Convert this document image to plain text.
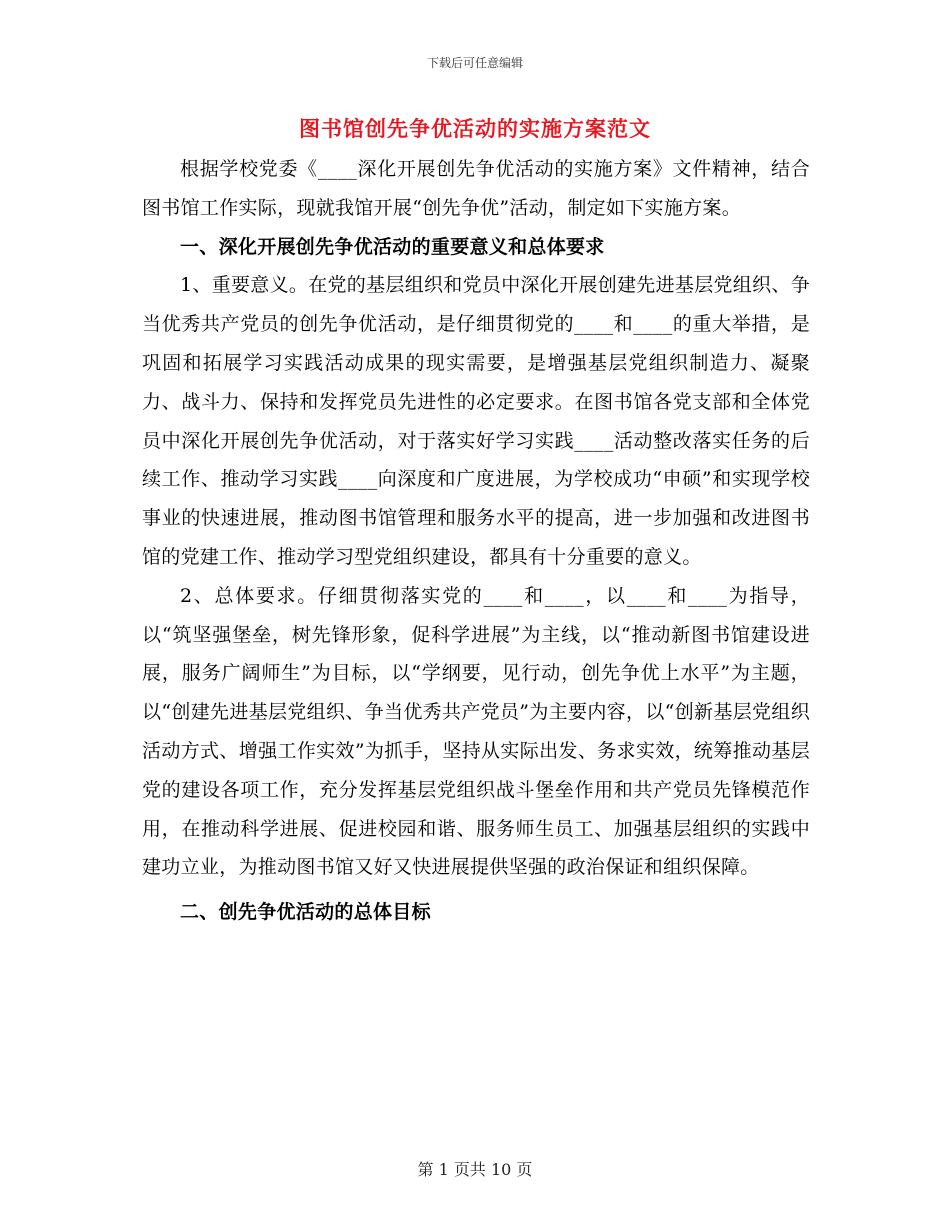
下载后可任意编辑
图书馆创先争优活动的实施方案范文

根据学校党委《____深化开展创先争优活动的实施方案》文件精神，结合图书馆工作实际，现就我馆开展“创先争优”活动，制定如下实施方案。

一、深化开展创先争优活动的重要意义和总体要求

1、重要意义。在党的基层组织和党员中深化开展创建先进基层党组织、争当优秀共产党员的创先争优活动，是仔细贯彻党的____和____的重大举措，是巩固和拓展学习实践活动成果的现实需要，是增强基层党组织制造力、凝聚力、战斗力、保持和发挥党员先进性的必定要求。在图书馆各党支部和全体党员中深化开展创先争优活动，对于落实好学习实践____活动整改落实任务的后续工作、推动学习实践____向深度和广度进展，为学校成功“申硕”和实现学校事业的快速进展，推动图书馆管理和服务水平的提高，进一步加强和改进图书馆的党建工作、推动学习型党组织建设，都具有十分重要的意义。

2、总体要求。仔细贯彻落实党的____和____，以____和____为指导，以“筑坚强堡垒，树先锋形象，促科学进展”为主线，以“推动新图书馆建设进展，服务广阔师生”为目标，以“学纲要，见行动，创先争优上水平”为主题，以“创建先进基层党组织、争当优秀共产党员”为主要内容，以“创新基层党组织活动方式、增强工作实效”为抓手，坚持从实际出发、务求实效，统筹推动基层党的建设各项工作，充分发挥基层党组织战斗堡垒作用和共产党员先锋模范作用，在推动科学进展、促进校园和谐、服务师生员工、加强基层组织的实践中建功立业，为推动图书馆又好又快进展提供坚强的政治保证和组织保障。

二、创先争优活动的总体目标

第 1 页共 10 页
